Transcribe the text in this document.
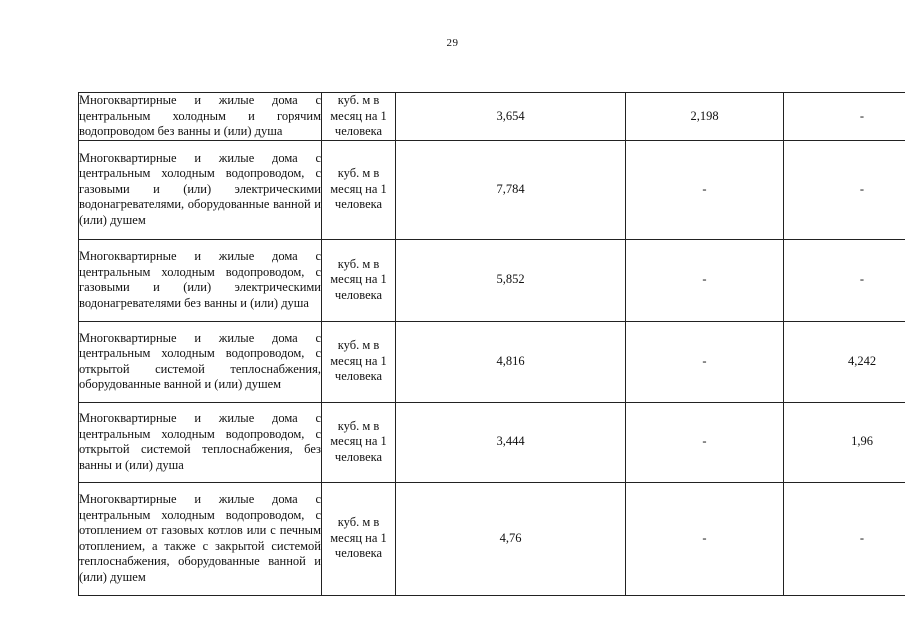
29
Многоквартирные и жилые дома с центральным холодным и горячим водопроводом без ванны и (или) душа	куб. м в месяц на 1 человека	3,654	2,198	-
Многоквартирные и жилые дома с центральным холодным водопроводом, с газовыми и (или) электрическими водонагревателями, оборудованные ванной и (или) душем	куб. м в месяц на 1 человека	7,784	-	-
Многоквартирные и жилые дома с центральным холодным водопроводом, с газовыми и (или) электрическими водонагревателями без ванны и (или) душа	куб. м в месяц на 1 человека	5,852	-	-
Многоквартирные и жилые дома с центральным холодным водопроводом, с открытой системой теплоснабжения, оборудованные ванной и (или) душем	куб. м в месяц на 1 человека	4,816	-	4,242
Многоквартирные и жилые дома с центральным холодным водопроводом, с открытой системой теплоснабжения, без ванны и (или) душа	куб. м в месяц на 1 человека	3,444	-	1,96
Многоквартирные и жилые дома с центральным холодным водопроводом, с отоплением от газовых котлов или с печным отоплением, а также с закрытой системой теплоснабжения, оборудованные ванной и (или) душем	куб. м в месяц на 1 человека	4,76	-	-
